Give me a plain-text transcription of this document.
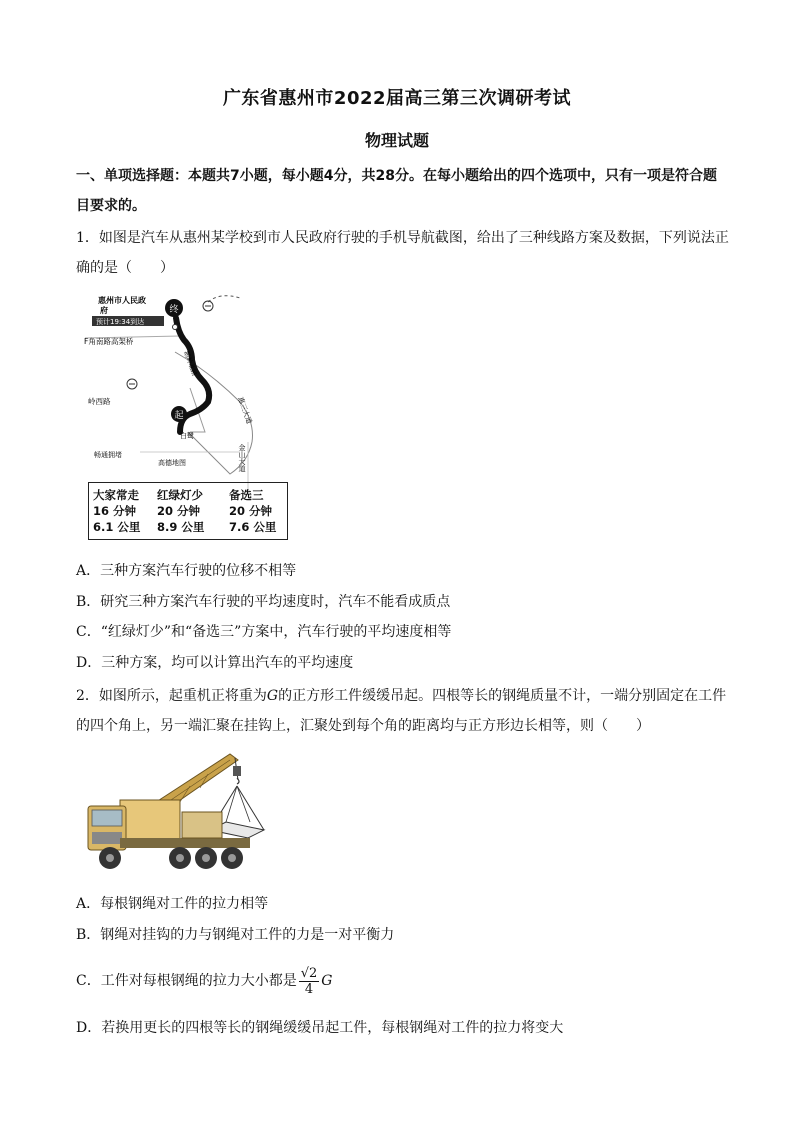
广东省惠州市2022届高三第三次调研考试
物理试题
一、单项选择题：本题共7小题，每小题4分，共28分。在每小题给出的四个选项中，只有一项是符合题
目要求的。
1．如图是汽车从惠州某学校到市人民政府行驶的手机导航截图，给出了三种线路方案及数据，下列说法正
确的是（　　）
起
终
惠州市人民政
府
预计19:34到达
F角南路高架桥
岭西路
鹅岭北路
惠三大道
金山大道
白鹭
畅通拥堵
高德地图
大家常走
16 分钟
6.1 公里
红绿灯少
20 分钟
8.9 公里
备选三
20 分钟
7.6 公里
A．三种方案汽车行驶的位移不相等
B．研究三种方案汽车行驶的平均速度时，汽车不能看成质点
C．“红绿灯少”和“备选三”方案中，汽车行驶的平均速度相等
D．三种方案，均可以计算出汽车的平均速度
2．如图所示，起重机正将重为G的正方形工件缓缓吊起。四根等长的钢绳质量不计，一端分别固定在工件
的四个角上，另一端汇聚在挂钩上，汇聚处到每个角的距离均与正方形边长相等，则（　　）
A．每根钢绳对工件的拉力相等
B．钢绳对挂钩的力与钢绳对工件的力是一对平衡力
C．工件对每根钢绳的拉力大小都是 $\frac{√2}{4}$ G
D．若换用更长的四根等长的钢绳缓缓吊起工件，每根钢绳对工件的拉力将变大
